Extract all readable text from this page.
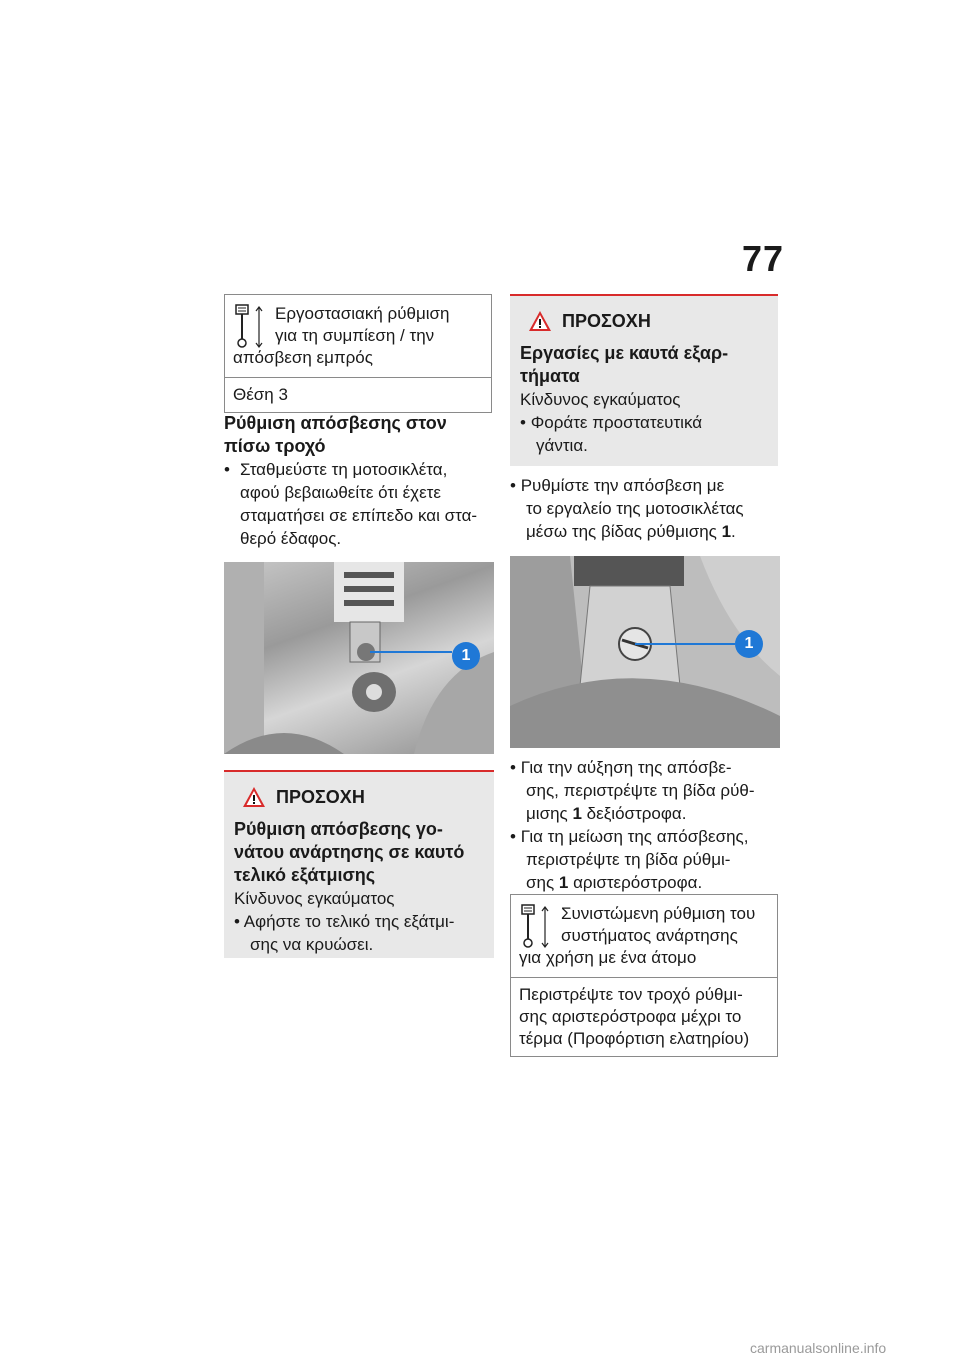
77
Εργοστασιακή ρύθμιση
για τη συμπίεση / την
απόσβεση εμπρός
Θέση 3
Ρύθμιση απόσβεσης στον
πίσω τροχό
• Σταθμεύστε τη μοτοσικλέτα,
αφού βεβαιωθείτε ότι έχετε
σταματήσει σε επίπεδο και στα-
θερό έδαφος.
1
ΠΡΟΣΟΧΗ
Ρύθμιση απόσβεσης γο-
νάτου ανάρτησης σε καυτό
τελικό εξάτμισης
Κίνδυνος εγκαύματος
• Αφήστε το τελικό της εξάτμι-
σης να κρυώσει.
ΠΡΟΣΟΧΗ
Εργασίες με καυτά εξαρ-
τήματα
Κίνδυνος εγκαύματος
• Φοράτε προστατευτικά
γάντια.
• Ρυθμίστε την απόσβεση με
το εργαλείο της μοτοσικλέτας
μέσω της βίδας ρύθμισης 1.
1
• Για την αύξηση της απόσβε-
σης, περιστρέψτε τη βίδα ρύθ-
μισης 1 δεξιόστροφα.
• Για τη μείωση της απόσβεσης,
περιστρέψτε τη βίδα ρύθμι-
σης 1 αριστερόστροφα.
Συνιστώμενη ρύθμιση του
συστήματος ανάρτησης
για χρήση με ένα άτομο
Περιστρέψτε τον τροχό ρύθμι-
σης αριστερόστροφα μέχρι το
τέρμα (Προφόρτιση ελατηρίου)
carmanualsonline.info
